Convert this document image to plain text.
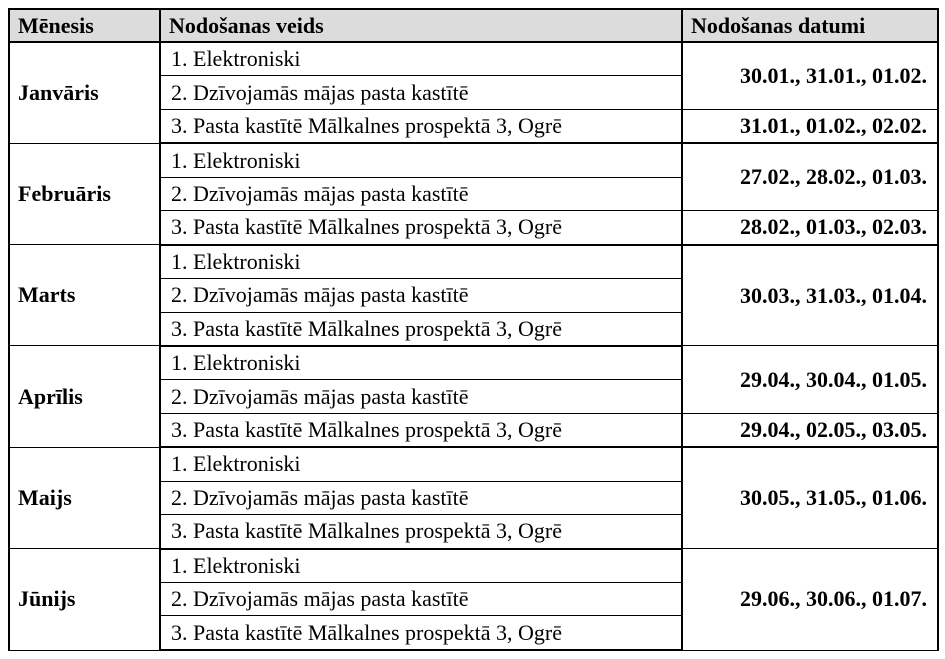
Mēnesis	Nodošanas veids	Nodošanas datumi
Janvāris	1. Elektroniski	30.01., 31.01., 01.02.
	2. Dzīvojamās mājas pasta kastītē	
	3. Pasta kastītē Mālkalnes prospektā 3, Ogrē	31.01., 01.02., 02.02.
Februāris	1. Elektroniski	27.02., 28.02., 01.03.
	2. Dzīvojamās mājas pasta kastītē	
	3. Pasta kastītē Mālkalnes prospektā 3, Ogrē	28.02., 01.03., 02.03.
Marts	1. Elektroniski	30.03., 31.03., 01.04.
	2. Dzīvojamās mājas pasta kastītē	
	3. Pasta kastītē Mālkalnes prospektā 3, Ogrē	
Aprīlis	1. Elektroniski	29.04., 30.04., 01.05.
	2. Dzīvojamās mājas pasta kastītē	
	3. Pasta kastītē Mālkalnes prospektā 3, Ogrē	29.04., 02.05., 03.05.
Maijs	1. Elektroniski	30.05., 31.05., 01.06.
	2. Dzīvojamās mājas pasta kastītē	
	3. Pasta kastītē Mālkalnes prospektā 3, Ogrē	
Jūnijs	1. Elektroniski	29.06., 30.06., 01.07.
	2. Dzīvojamās mājas pasta kastītē	
	3. Pasta kastītē Mālkalnes prospektā 3, Ogrē	
